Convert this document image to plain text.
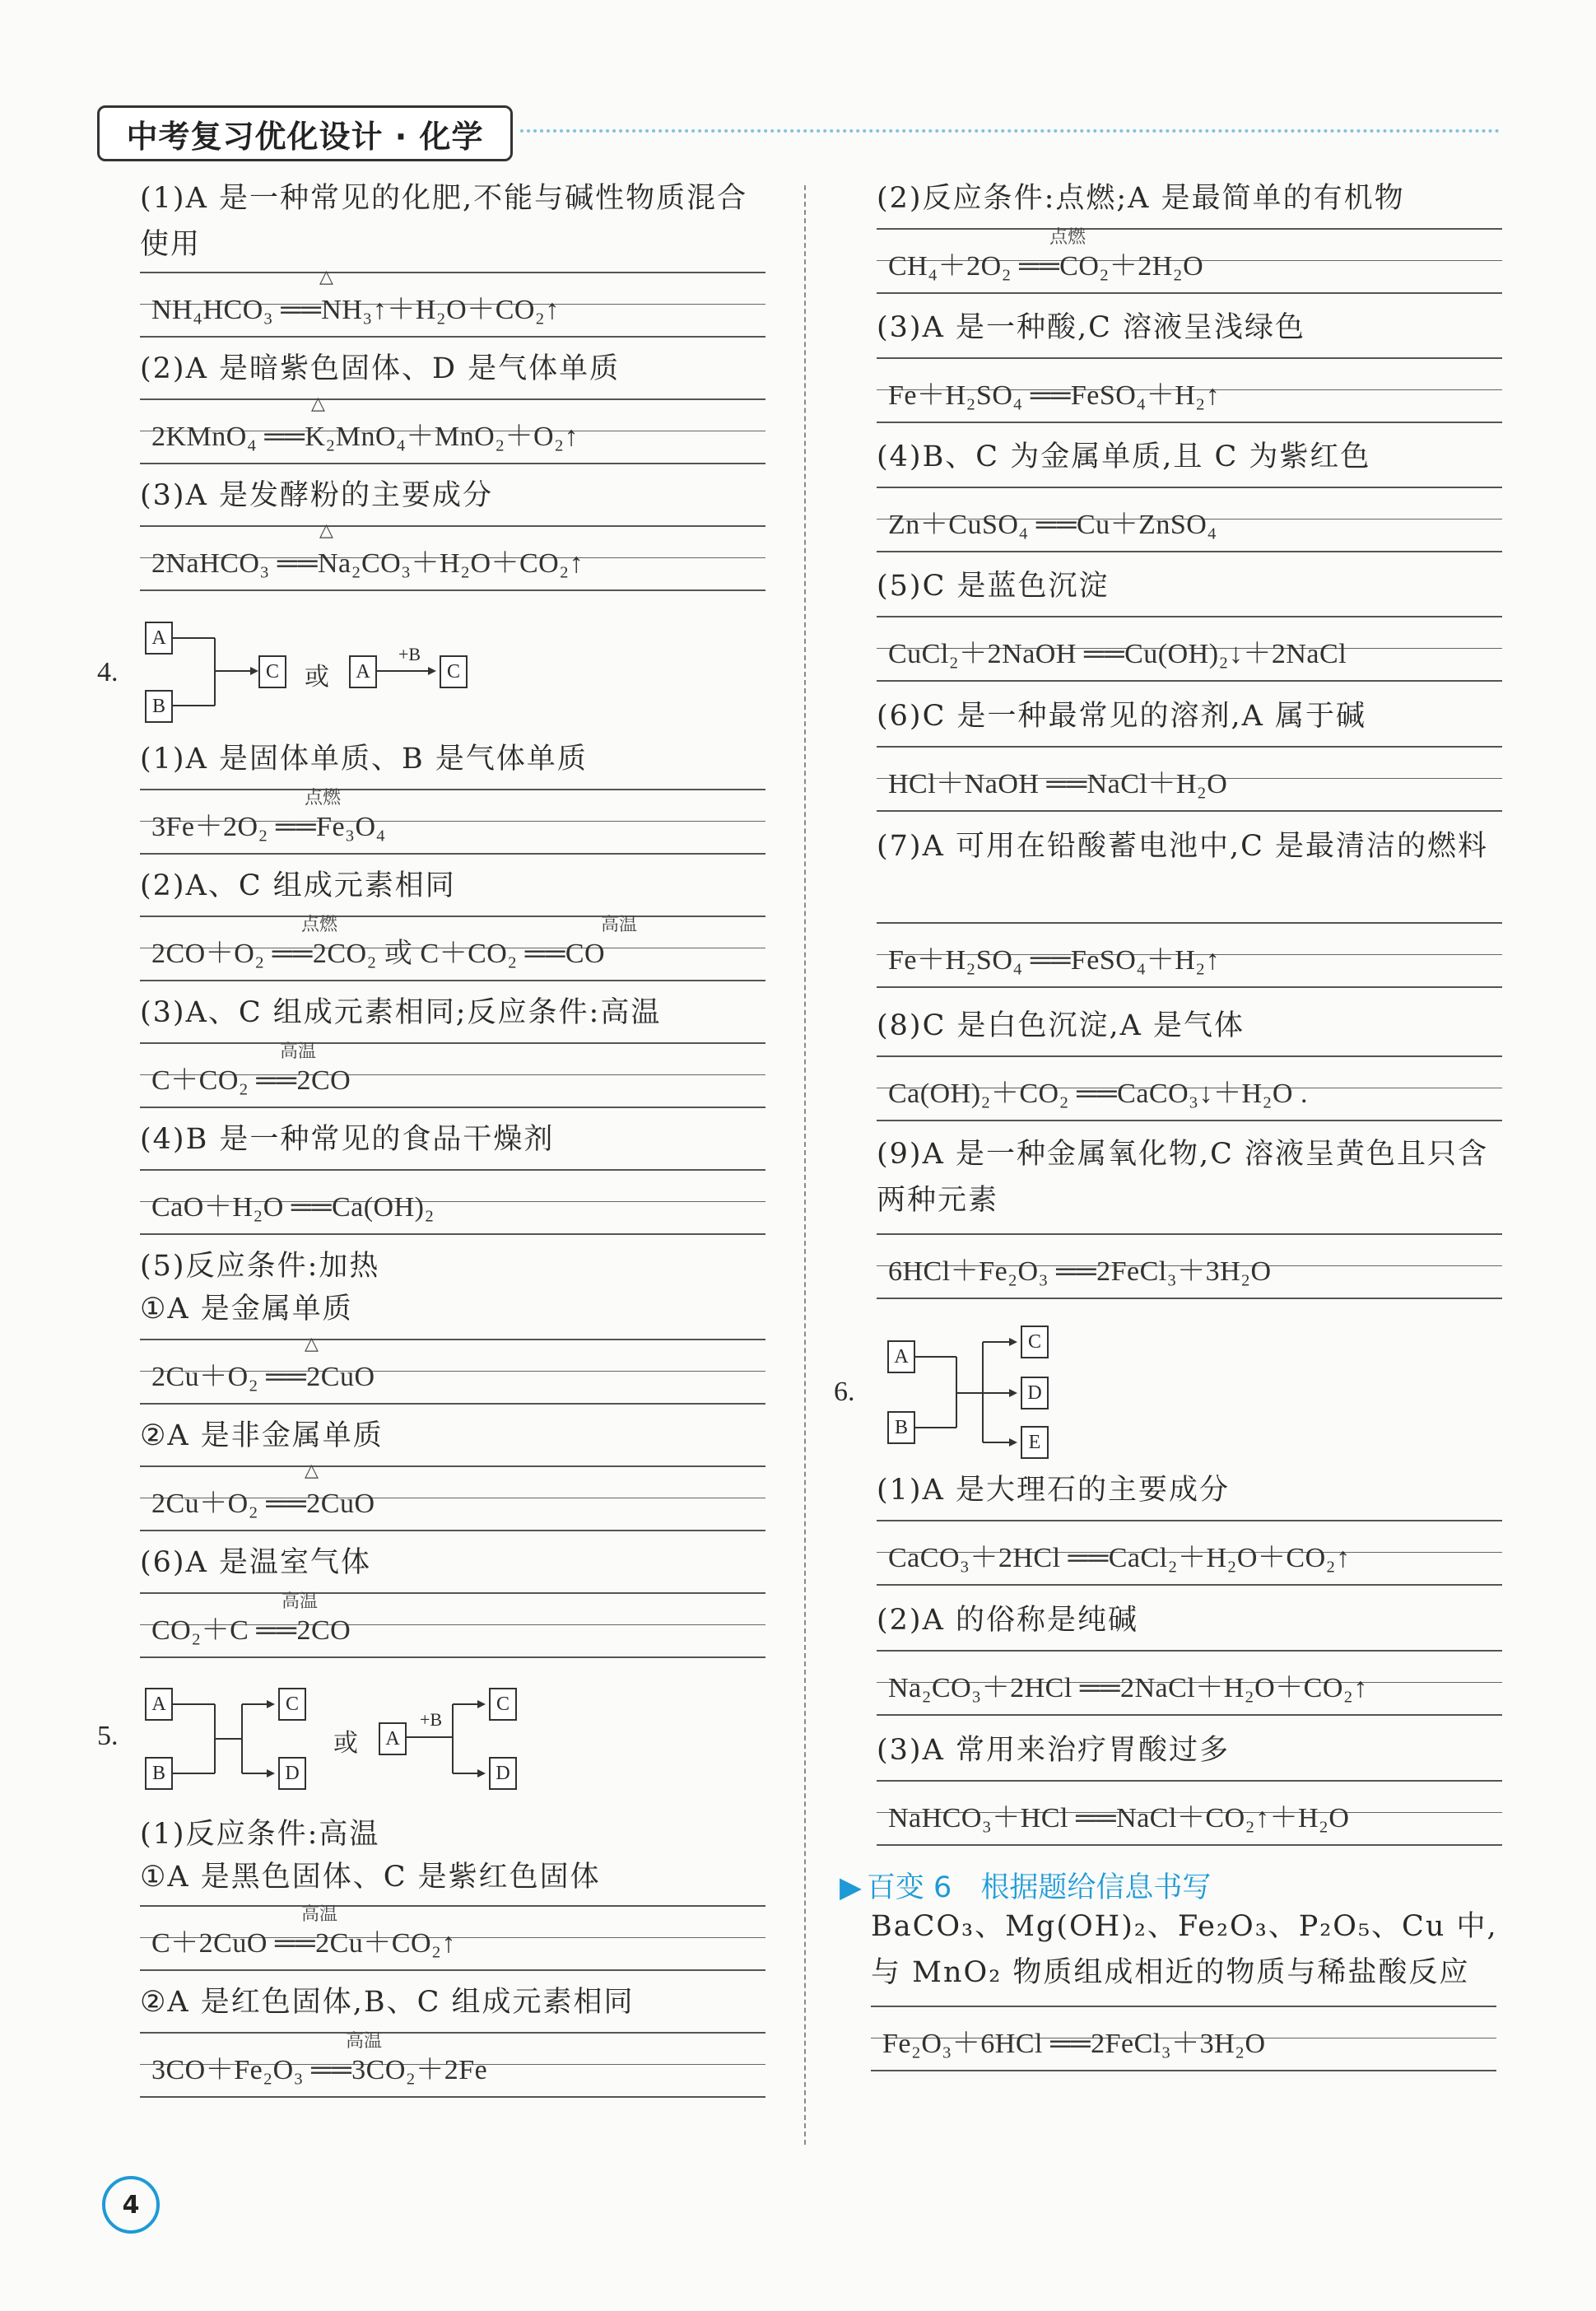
中考复习优化设计 · 化学
(1)A 是一种常见的化肥,不能与碱性物质混合使用
△
NH₄HCO₃ ══NH₃↑＋H₂O＋CO₂↑
(2)A 是暗紫色固体、D 是气体单质
△
2KMnO₄ ══K₂MnO₄＋MnO₂＋O₂↑
(3)A 是发酵粉的主要成分
△
2NaHCO₃ ══Na₂CO₃＋H₂O＋CO₂↑
4.
A
B
C	或	A
+B
C
(1)A 是固体单质、B 是气体单质
点燃
3Fe＋2O₂ ══Fe₃O₄
(2)A、C 组成元素相同
点燃	高温
2CO＋O₂ ══2CO₂ 或 C＋CO₂ ══CO
(3)A、C 组成元素相同;反应条件:高温
高温
C＋CO₂ ══2CO
(4)B 是一种常见的食品干燥剂
CaO＋H₂O ══Ca(OH)₂
(5)反应条件:加热
①A 是金属单质
△
2Cu＋O₂ ══2CuO
②A 是非金属单质
△
2Cu＋O₂ ══2CuO
(6)A 是温室气体
高温
CO₂＋C ══2CO
5.
A
B
C
D
或	A
+B
C
D
(1)反应条件:高温
①A 是黑色固体、C 是紫红色固体
高温
C＋2CuO ══2Cu＋CO₂↑
②A 是红色固体,B、C 组成元素相同
高温
3CO＋Fe₂O₃ ══3CO₂＋2Fe
(2)反应条件:点燃;A 是最简单的有机物
点燃
CH₄＋2O₂ ══CO₂＋2H₂O
(3)A 是一种酸,C 溶液呈浅绿色
Fe＋H₂SO₄ ══FeSO₄＋H₂↑
(4)B、C 为金属单质,且 C 为紫红色
Zn＋CuSO₄ ══Cu＋ZnSO₄
(5)C 是蓝色沉淀
CuCl₂＋2NaOH ══Cu(OH)₂↓＋2NaCl
(6)C 是一种最常见的溶剂,A 属于碱
HCl＋NaOH ══NaCl＋H₂O
(7)A 可用在铅酸蓄电池中,C 是最清洁的燃料
Fe＋H₂SO₄ ══FeSO₄＋H₂↑
(8)C 是白色沉淀,A 是气体
Ca(OH)₂＋CO₂ ══CaCO₃↓＋H₂O .
(9)A 是一种金属氧化物,C 溶液呈黄色且只含两种元素
6HCl＋Fe₂O₃ ══2FeCl₃＋3H₂O
6.
A
B
C
D
E
(1)A 是大理石的主要成分
CaCO₃＋2HCl ══CaCl₂＋H₂O＋CO₂↑
(2)A 的俗称是纯碱
Na₂CO₃＋2HCl ══2NaCl＋H₂O＋CO₂↑
(3)A 常用来治疗胃酸过多
NaHCO₃＋HCl ══NaCl＋CO₂↑＋H₂O
▶ 百变 6　根据题给信息书写
BaCO₃、Mg(OH)₂、Fe₂O₃、P₂O₅、Cu 中,与 MnO₂ 物质组成相近的物质与稀盐酸反应
Fe₂O₃＋6HCl ══2FeCl₃＋3H₂O
4
